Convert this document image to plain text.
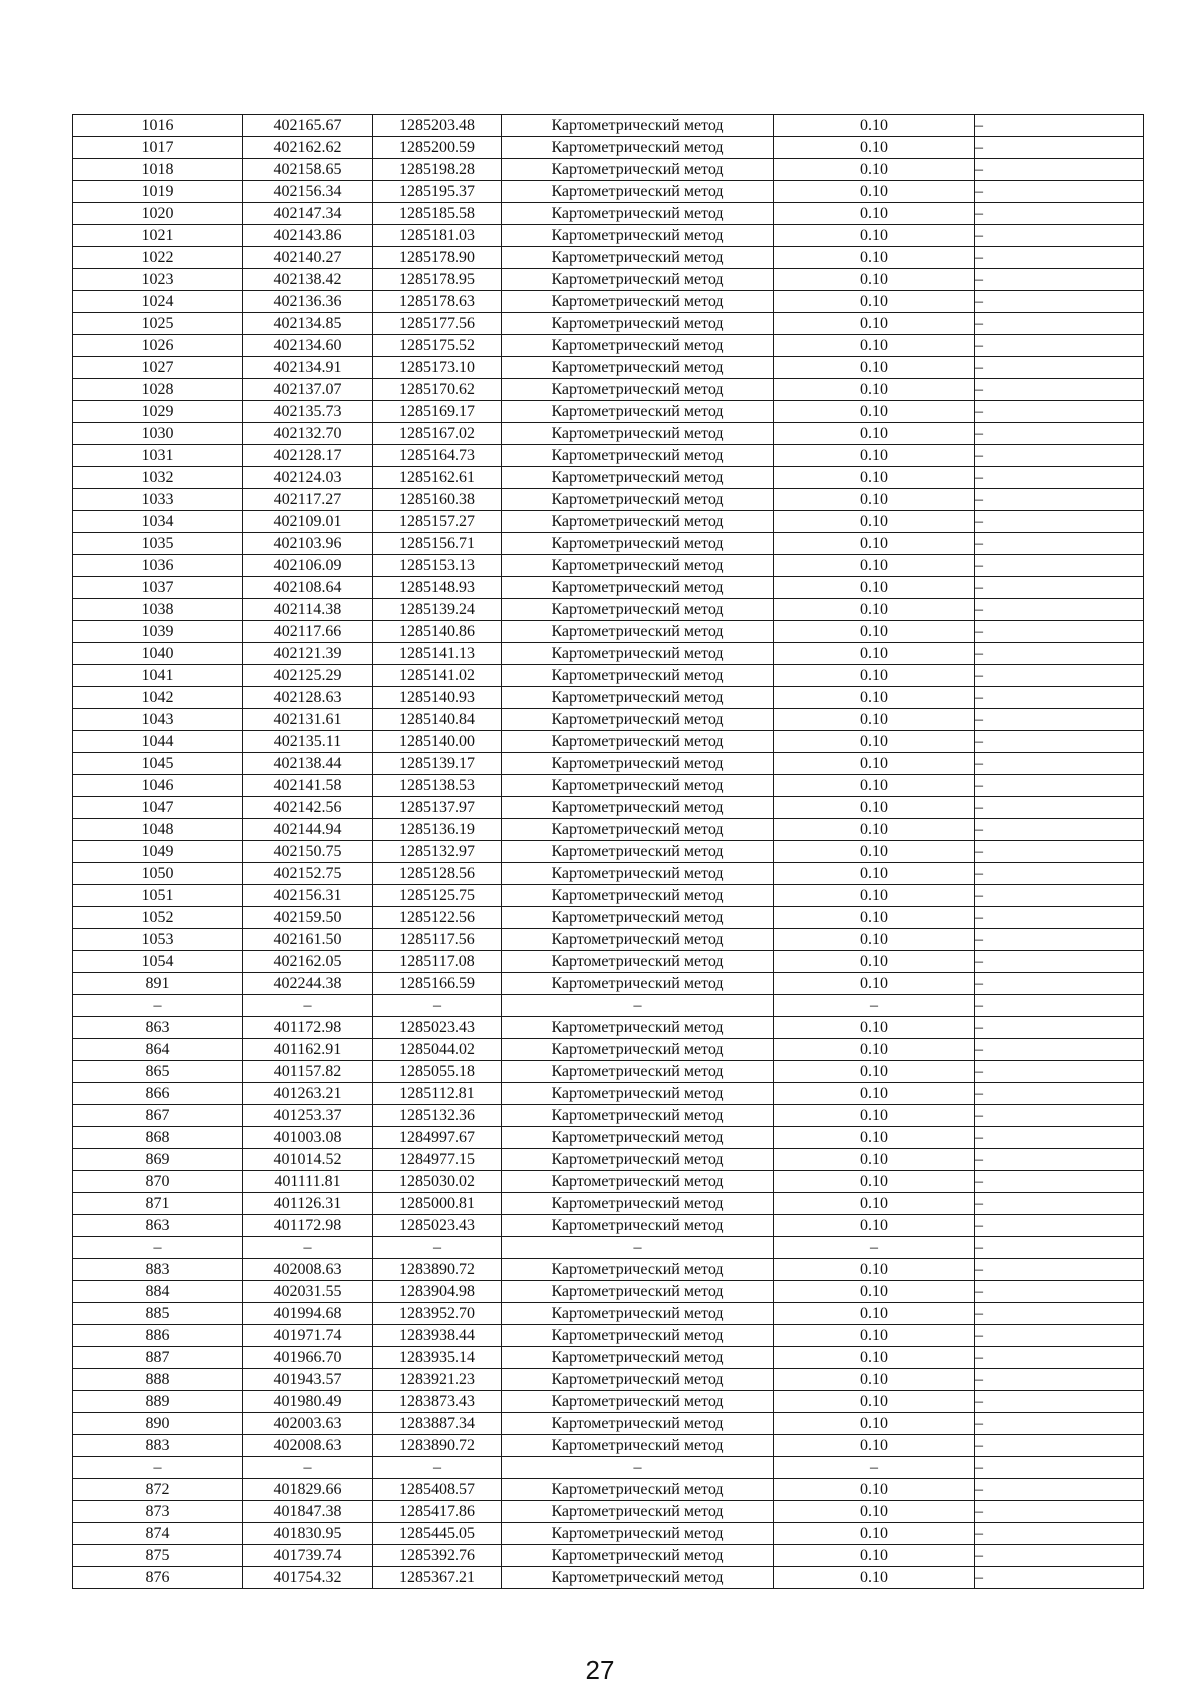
1016	402165.67	1285203.48	Картометрический метод	0.10	–
1017	402162.62	1285200.59	Картометрический метод	0.10	–
1018	402158.65	1285198.28	Картометрический метод	0.10	–
1019	402156.34	1285195.37	Картометрический метод	0.10	–
1020	402147.34	1285185.58	Картометрический метод	0.10	–
1021	402143.86	1285181.03	Картометрический метод	0.10	–
1022	402140.27	1285178.90	Картометрический метод	0.10	–
1023	402138.42	1285178.95	Картометрический метод	0.10	–
1024	402136.36	1285178.63	Картометрический метод	0.10	–
1025	402134.85	1285177.56	Картометрический метод	0.10	–
1026	402134.60	1285175.52	Картометрический метод	0.10	–
1027	402134.91	1285173.10	Картометрический метод	0.10	–
1028	402137.07	1285170.62	Картометрический метод	0.10	–
1029	402135.73	1285169.17	Картометрический метод	0.10	–
1030	402132.70	1285167.02	Картометрический метод	0.10	–
1031	402128.17	1285164.73	Картометрический метод	0.10	–
1032	402124.03	1285162.61	Картометрический метод	0.10	–
1033	402117.27	1285160.38	Картометрический метод	0.10	–
1034	402109.01	1285157.27	Картометрический метод	0.10	–
1035	402103.96	1285156.71	Картометрический метод	0.10	–
1036	402106.09	1285153.13	Картометрический метод	0.10	–
1037	402108.64	1285148.93	Картометрический метод	0.10	–
1038	402114.38	1285139.24	Картометрический метод	0.10	–
1039	402117.66	1285140.86	Картометрический метод	0.10	–
1040	402121.39	1285141.13	Картометрический метод	0.10	–
1041	402125.29	1285141.02	Картометрический метод	0.10	–
1042	402128.63	1285140.93	Картометрический метод	0.10	–
1043	402131.61	1285140.84	Картометрический метод	0.10	–
1044	402135.11	1285140.00	Картометрический метод	0.10	–
1045	402138.44	1285139.17	Картометрический метод	0.10	–
1046	402141.58	1285138.53	Картометрический метод	0.10	–
1047	402142.56	1285137.97	Картометрический метод	0.10	–
1048	402144.94	1285136.19	Картометрический метод	0.10	–
1049	402150.75	1285132.97	Картометрический метод	0.10	–
1050	402152.75	1285128.56	Картометрический метод	0.10	–
1051	402156.31	1285125.75	Картометрический метод	0.10	–
1052	402159.50	1285122.56	Картометрический метод	0.10	–
1053	402161.50	1285117.56	Картометрический метод	0.10	–
1054	402162.05	1285117.08	Картометрический метод	0.10	–
891	402244.38	1285166.59	Картометрический метод	0.10	–
–	–	–	–	–	–
863	401172.98	1285023.43	Картометрический метод	0.10	–
864	401162.91	1285044.02	Картометрический метод	0.10	–
865	401157.82	1285055.18	Картометрический метод	0.10	–
866	401263.21	1285112.81	Картометрический метод	0.10	–
867	401253.37	1285132.36	Картометрический метод	0.10	–
868	401003.08	1284997.67	Картометрический метод	0.10	–
869	401014.52	1284977.15	Картометрический метод	0.10	–
870	401111.81	1285030.02	Картометрический метод	0.10	–
871	401126.31	1285000.81	Картометрический метод	0.10	–
863	401172.98	1285023.43	Картометрический метод	0.10	–
–	–	–	–	–	–
883	402008.63	1283890.72	Картометрический метод	0.10	–
884	402031.55	1283904.98	Картометрический метод	0.10	–
885	401994.68	1283952.70	Картометрический метод	0.10	–
886	401971.74	1283938.44	Картометрический метод	0.10	–
887	401966.70	1283935.14	Картометрический метод	0.10	–
888	401943.57	1283921.23	Картометрический метод	0.10	–
889	401980.49	1283873.43	Картометрический метод	0.10	–
890	402003.63	1283887.34	Картометрический метод	0.10	–
883	402008.63	1283890.72	Картометрический метод	0.10	–
–	–	–	–	–	–
872	401829.66	1285408.57	Картометрический метод	0.10	–
873	401847.38	1285417.86	Картометрический метод	0.10	–
874	401830.95	1285445.05	Картометрический метод	0.10	–
875	401739.74	1285392.76	Картометрический метод	0.10	–
876	401754.32	1285367.21	Картометрический метод	0.10	–
27
